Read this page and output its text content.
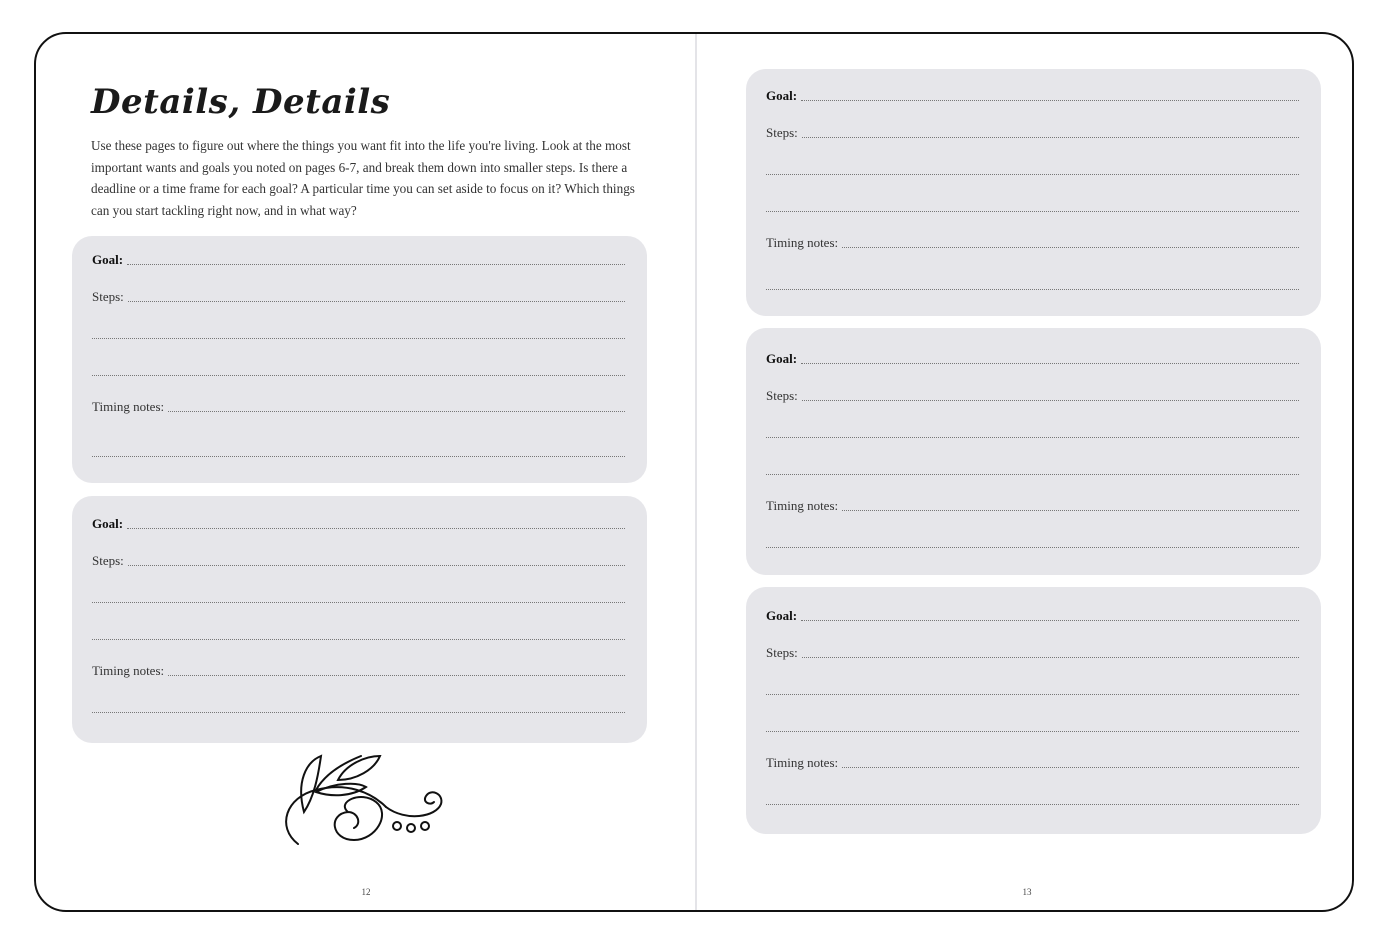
Details, Details

Use these pages to figure out where the things you want fit into the life you're living. Look at the most important wants and goals you noted on pages 6-7, and break them down into smaller steps. Is there a deadline or a time frame for each goal? A particular time you can set aside to focus on it? Which things can you start tackling right now, and in what way?

Goal:
Steps:
Timing notes:
Goal:
Steps:
Timing notes:
12
Goal:
Steps:
Timing notes:
Goal:
Steps:
Timing notes:
Goal:
Steps:
Timing notes:
13
